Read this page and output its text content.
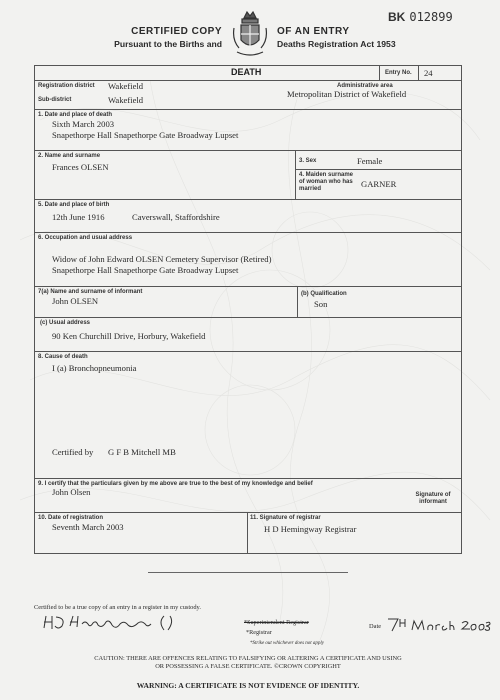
CERTIFIED COPY
Pursuant to the Births and
OF AN ENTRY
Deaths Registration Act 1953
BK 012899
DEATH	Entry No. 24
Registration district Wakefield	Administrative area
Metropolitan District of Wakefield
Sub-district	Wakefield
1. Date and place of death
Sixth March 2003
Snapethorpe Hall Snapethorpe Gate Broadway Lupset
2. Name and surname
Frances OLSEN
3. Sex	Female
4. Maiden surname of woman who has married	GARNER
5. Date and place of birth
12th June 1916	Caverswall, Staffordshire
6. Occupation and usual address
Widow of John Edward OLSEN Cemetery Supervisor (Retired)
Snapethorpe Hall Snapethorpe Gate Broadway Lupset
7(a) Name and surname of informant
John OLSEN
(b) Qualification
Son
(c) Usual address
90 Ken Churchill Drive, Horbury, Wakefield
8. Cause of death
I (a) Bronchopneumonia
Certified by G F B Mitchell MB
9. I certify that the particulars given by me above are true to the best of my knowledge and belief
John Olsen	Signature of informant
10. Date of registration
Seventh March 2003
11. Signature of registrar
H D Hemingway Registrar
Certified to be a true copy of an entry in a register in my custody.
*Superintendent Registrar
*Registrar
*Strike out whichever does not apply
Date
CAUTION: THERE ARE OFFENCES RELATING TO FALSIFYING OR ALTERING A CERTIFICATE AND USING
OR POSSESSING A FALSE CERTIFICATE. ©CROWN COPYRIGHT
WARNING: A CERTIFICATE IS NOT EVIDENCE OF IDENTITY.
